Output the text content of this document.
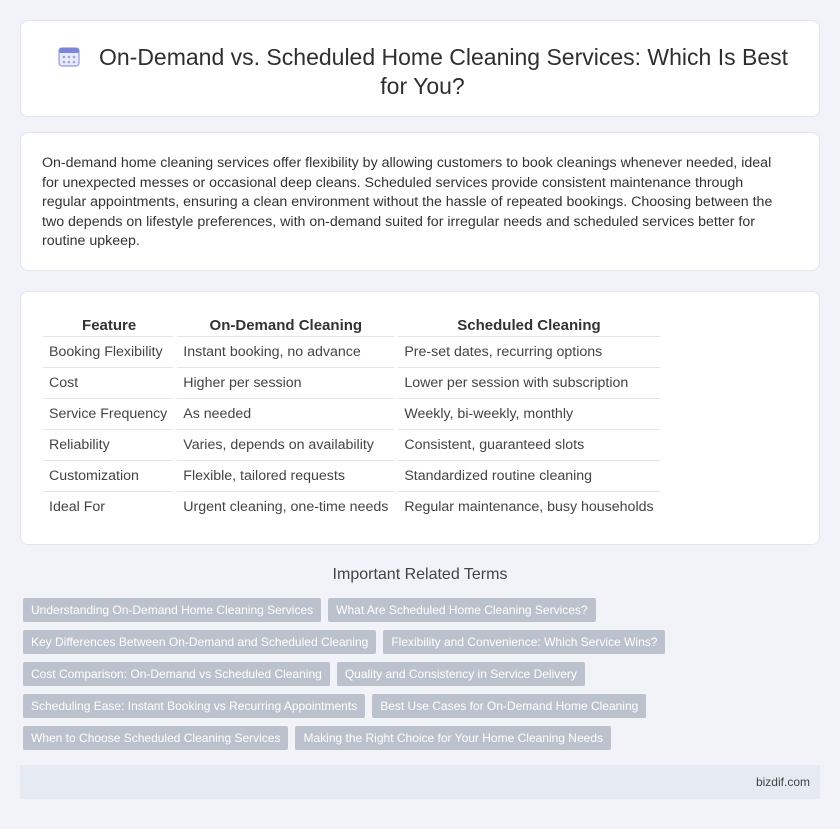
On-Demand vs. Scheduled Home Cleaning Services: Which Is Best for You?

On-demand home cleaning services offer flexibility by allowing customers to book cleanings whenever needed, ideal for unexpected messes or occasional deep cleans. Scheduled services provide consistent maintenance through regular appointments, ensuring a clean environment without the hassle of repeated bookings. Choosing between the two depends on lifestyle preferences, with on-demand suited for irregular needs and scheduled services better for routine upkeep.

Feature	On-Demand Cleaning	Scheduled Cleaning
Booking Flexibility	Instant booking, no advance	Pre-set dates, recurring options
Cost	Higher per session	Lower per session with subscription
Service Frequency	As needed	Weekly, bi-weekly, monthly
Reliability	Varies, depends on availability	Consistent, guaranteed slots
Customization	Flexible, tailored requests	Standardized routine cleaning
Ideal For	Urgent cleaning, one-time needs	Regular maintenance, busy households
Important Related Terms
Understanding On-Demand Home Cleaning Services	What Are Scheduled Home Cleaning Services?
Key Differences Between On-Demand and Scheduled Cleaning	Flexibility and Convenience: Which Service Wins?
Cost Comparison: On-Demand vs Scheduled Cleaning	Quality and Consistency in Service Delivery
Scheduling Ease: Instant Booking vs Recurring Appointments	Best Use Cases for On-Demand Home Cleaning
When to Choose Scheduled Cleaning Services	Making the Right Choice for Your Home Cleaning Needs
bizdif.com
